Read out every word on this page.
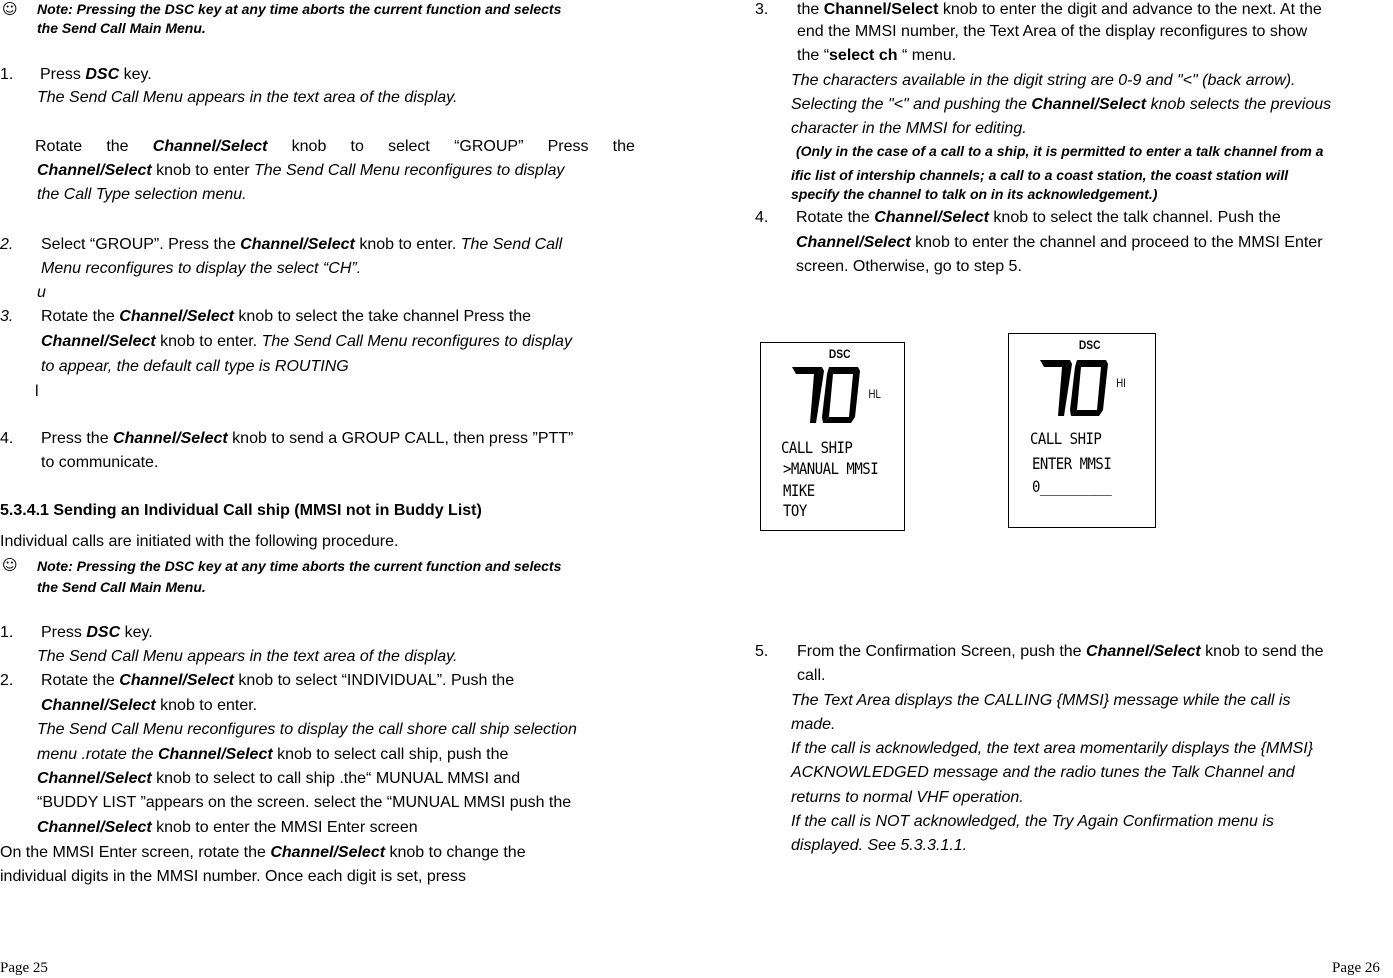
☺ Note: Pressing the DSC key at any time aborts the current function and selects
the Send Call Main Menu.
1. Press DSC key.
The Send Call Menu appears in the text area of the display.
Rotate the Channel/Select knob to select “GROUP” Press the
Channel/Select knob to enter The Send Call Menu reconfigures to display
the Call Type selection menu.
2. Select “GROUP”. Press the Channel/Select knob to enter. The Send Call
Menu reconfigures to display the select “CH”.
u
3. Rotate the Channel/Select knob to select the take channel Press the
Channel/Select knob to enter. The Send Call Menu reconfigures to display
to appear, the default call type is ROUTING
l
4. Press the Channel/Select knob to send a GROUP CALL, then press ”PTT”
to communicate.
5.3.4.1 Sending an Individual Call ship (MMSI not in Buddy List)
Individual calls are initiated with the following procedure.
☺ Note: Pressing the DSC key at any time aborts the current function and selects
the Send Call Main Menu.
1. Press DSC key.
The Send Call Menu appears in the text area of the display.
2. Rotate the Channel/Select knob to select “INDIVIDUAL”. Push the
Channel/Select knob to enter.
The Send Call Menu reconfigures to display the call shore call ship selection
menu .rotate the Channel/Select knob to select call ship, push the
Channel/Select knob to select to call ship .the“ MUNUAL MMSI and
“BUDDY LIST ”appears on the screen. select the “MUNUAL MMSI push the
Channel/Select knob to enter the MMSI Enter screen
On the MMSI Enter screen, rotate the Channel/Select knob to change the
individual digits in the MMSI number. Once each digit is set, press
Page 25
3. the Channel/Select knob to enter the digit and advance to the next. At the
end the MMSI number, the Text Area of the display reconfigures to show
the “select ch “ menu.
The characters available in the digit string are 0-9 and "<" (back arrow).
Selecting the "<" and pushing the Channel/Select knob selects the previous
character in the MMSI for editing.
(Only in the case of a call to a ship, it is permitted to enter a talk channel from a
ific list of intership channels; a call to a coast station, the coast station will
specify the channel to talk on in its acknowledgement.)
4. Rotate the Channel/Select knob to select the talk channel. Push the
Channel/Select knob to enter the channel and proceed to the MMSI Enter
screen. Otherwise, go to step 5.
DSC
70
HL
CALL SHIP
>MANUAL MMSI
MIKE
TOY
DSC
70
HI
CALL SHIP
ENTER MMSI
0_________
5. From the Confirmation Screen, push the Channel/Select knob to send the
call.
The Text Area displays the CALLING {MMSI} message while the call is
made.
If the call is acknowledged, the text area momentarily displays the {MMSI}
ACKNOWLEDGED message and the radio tunes the Talk Channel and
returns to normal VHF operation.
If the call is NOT acknowledged, the Try Again Confirmation menu is
displayed. See 5.3.3.1.1.
Page 26
